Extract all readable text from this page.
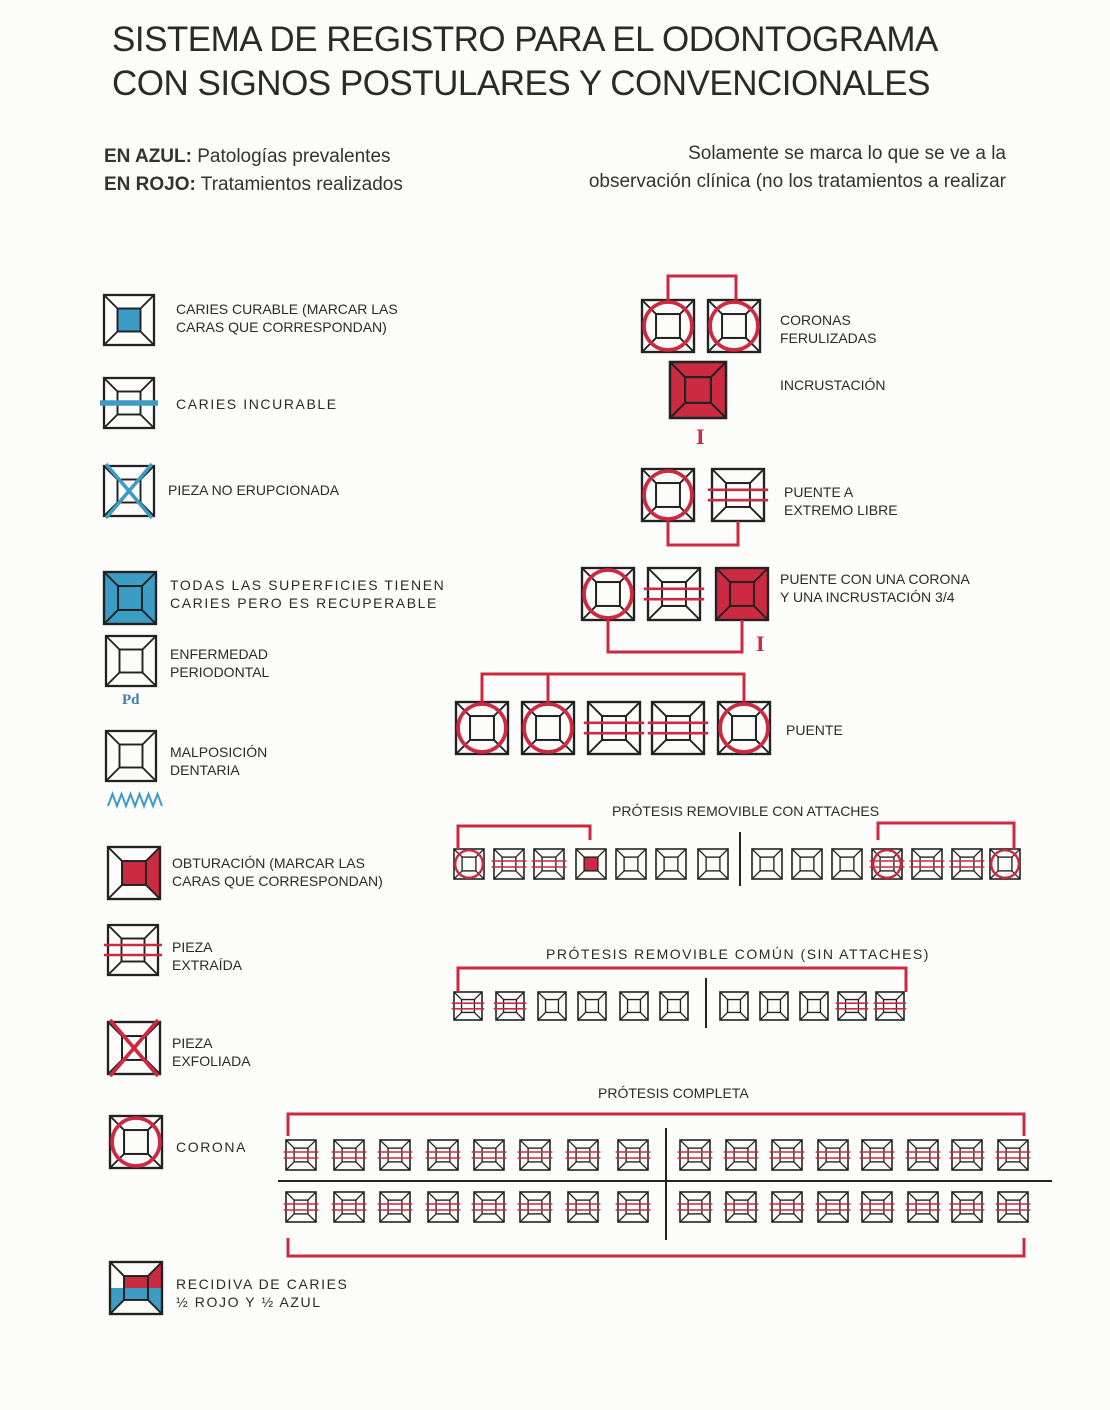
SISTEMA DE REGISTRO PARA EL ODONTOGRAMA
CON SIGNOS POSTULARES Y CONVENCIONALES
EN AZUL: Patologías prevalentes
EN ROJO: Tratamientos realizados
Solamente se marca lo que se ve a la
observación clínica (no los tratamientos a realizar
CARIES CURABLE (MARCAR LAS
CARAS QUE CORRESPONDAN)
CARIES INCURABLE
PIEZA NO ERUPCIONADA
TODAS LAS SUPERFICIES TIENEN
CARIES PERO ES RECUPERABLE
ENFERMEDAD
PERIODONTAL
Pd
MALPOSICIÓN
DENTARIA
OBTURACIÓN (MARCAR LAS
CARAS QUE CORRESPONDAN)
PIEZA
EXTRAÍDA
PIEZA
EXFOLIADA
CORONA
RECIDIVA DE CARIES
½ ROJO Y ½ AZUL
CORONAS
FERULIZADAS
INCRUSTACIÓN
I
PUENTE A
EXTREMO LIBRE
PUENTE CON UNA CORONA
Y UNA INCRUSTACIÓN 3/4
I
PUENTE
PRÓTESIS REMOVIBLE CON ATTACHES
PRÓTESIS REMOVIBLE COMÚN (SIN ATTACHES)
PRÓTESIS COMPLETA
